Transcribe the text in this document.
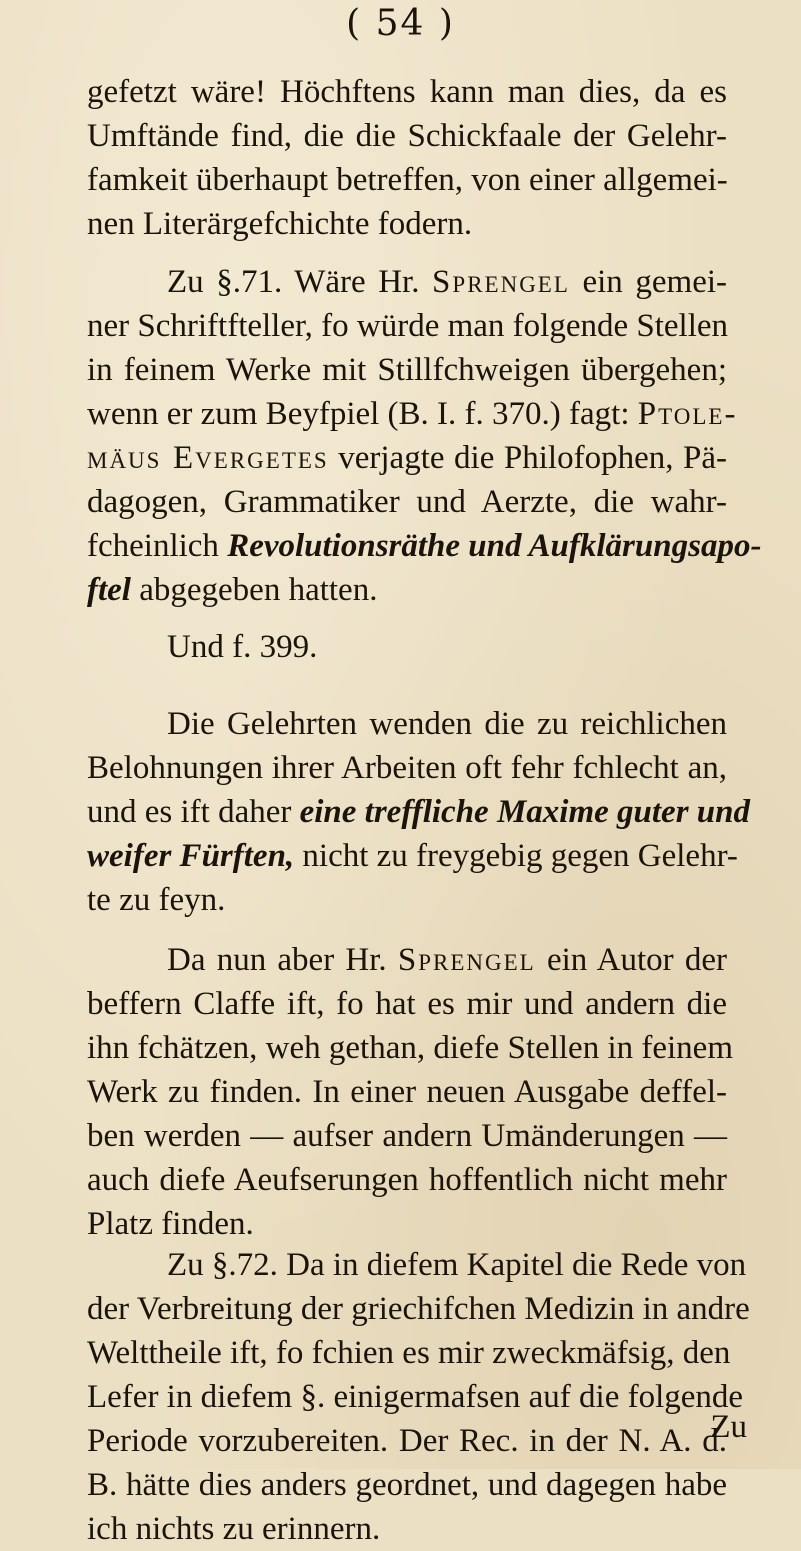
( 54 )
gefetzt wäre! Höchftens kann man dies, da es
Umftände find, die die Schickfaale der Gelehr-
famkeit überhaupt betreffen, von einer allgemei-
nen Literärgefchichte fodern.
Zu §.71. Wäre Hr. Sprengel ein gemei-
ner Schriftfteller, fo würde man folgende Stellen
in feinem Werke mit Stillfchweigen übergehen;
wenn er zum Beyfpiel (B. I. f. 370.) fagt: Ptole-
mäus Evergetes verjagte die Philofophen, Pä-
dagogen, Grammatiker und Aerzte, die wahr-
fcheinlich Revolutionsräthe und Aufklärungsapo-
ftel abgegeben hatten.
Und f. 399.
Die Gelehrten wenden die zu reichlichen
Belohnungen ihrer Arbeiten oft fehr fchlecht an,
und es ift daher eine treffliche Maxime guter und
weifer Fürften, nicht zu freygebig gegen Gelehr-
te zu feyn.
Da nun aber Hr. Sprengel ein Autor der
beffern Claffe ift, fo hat es mir und andern die
ihn fchätzen, weh gethan, diefe Stellen in feinem
Werk zu finden. In einer neuen Ausgabe deffel-
ben werden — aufser andern Umänderungen —
auch diefe Aeufserungen hoffentlich nicht mehr
Platz finden.
Zu §.72. Da in diefem Kapitel die Rede von
der Verbreitung der griechifchen Medizin in andre
Welttheile ift, fo fchien es mir zweckmäfsig, den
Lefer in diefem §. einigermafsen auf die folgende
Periode vorzubereiten. Der Rec. in der N. A. d.
B. hätte dies anders geordnet, und dagegen habe
ich nichts zu erinnern.
Zu
